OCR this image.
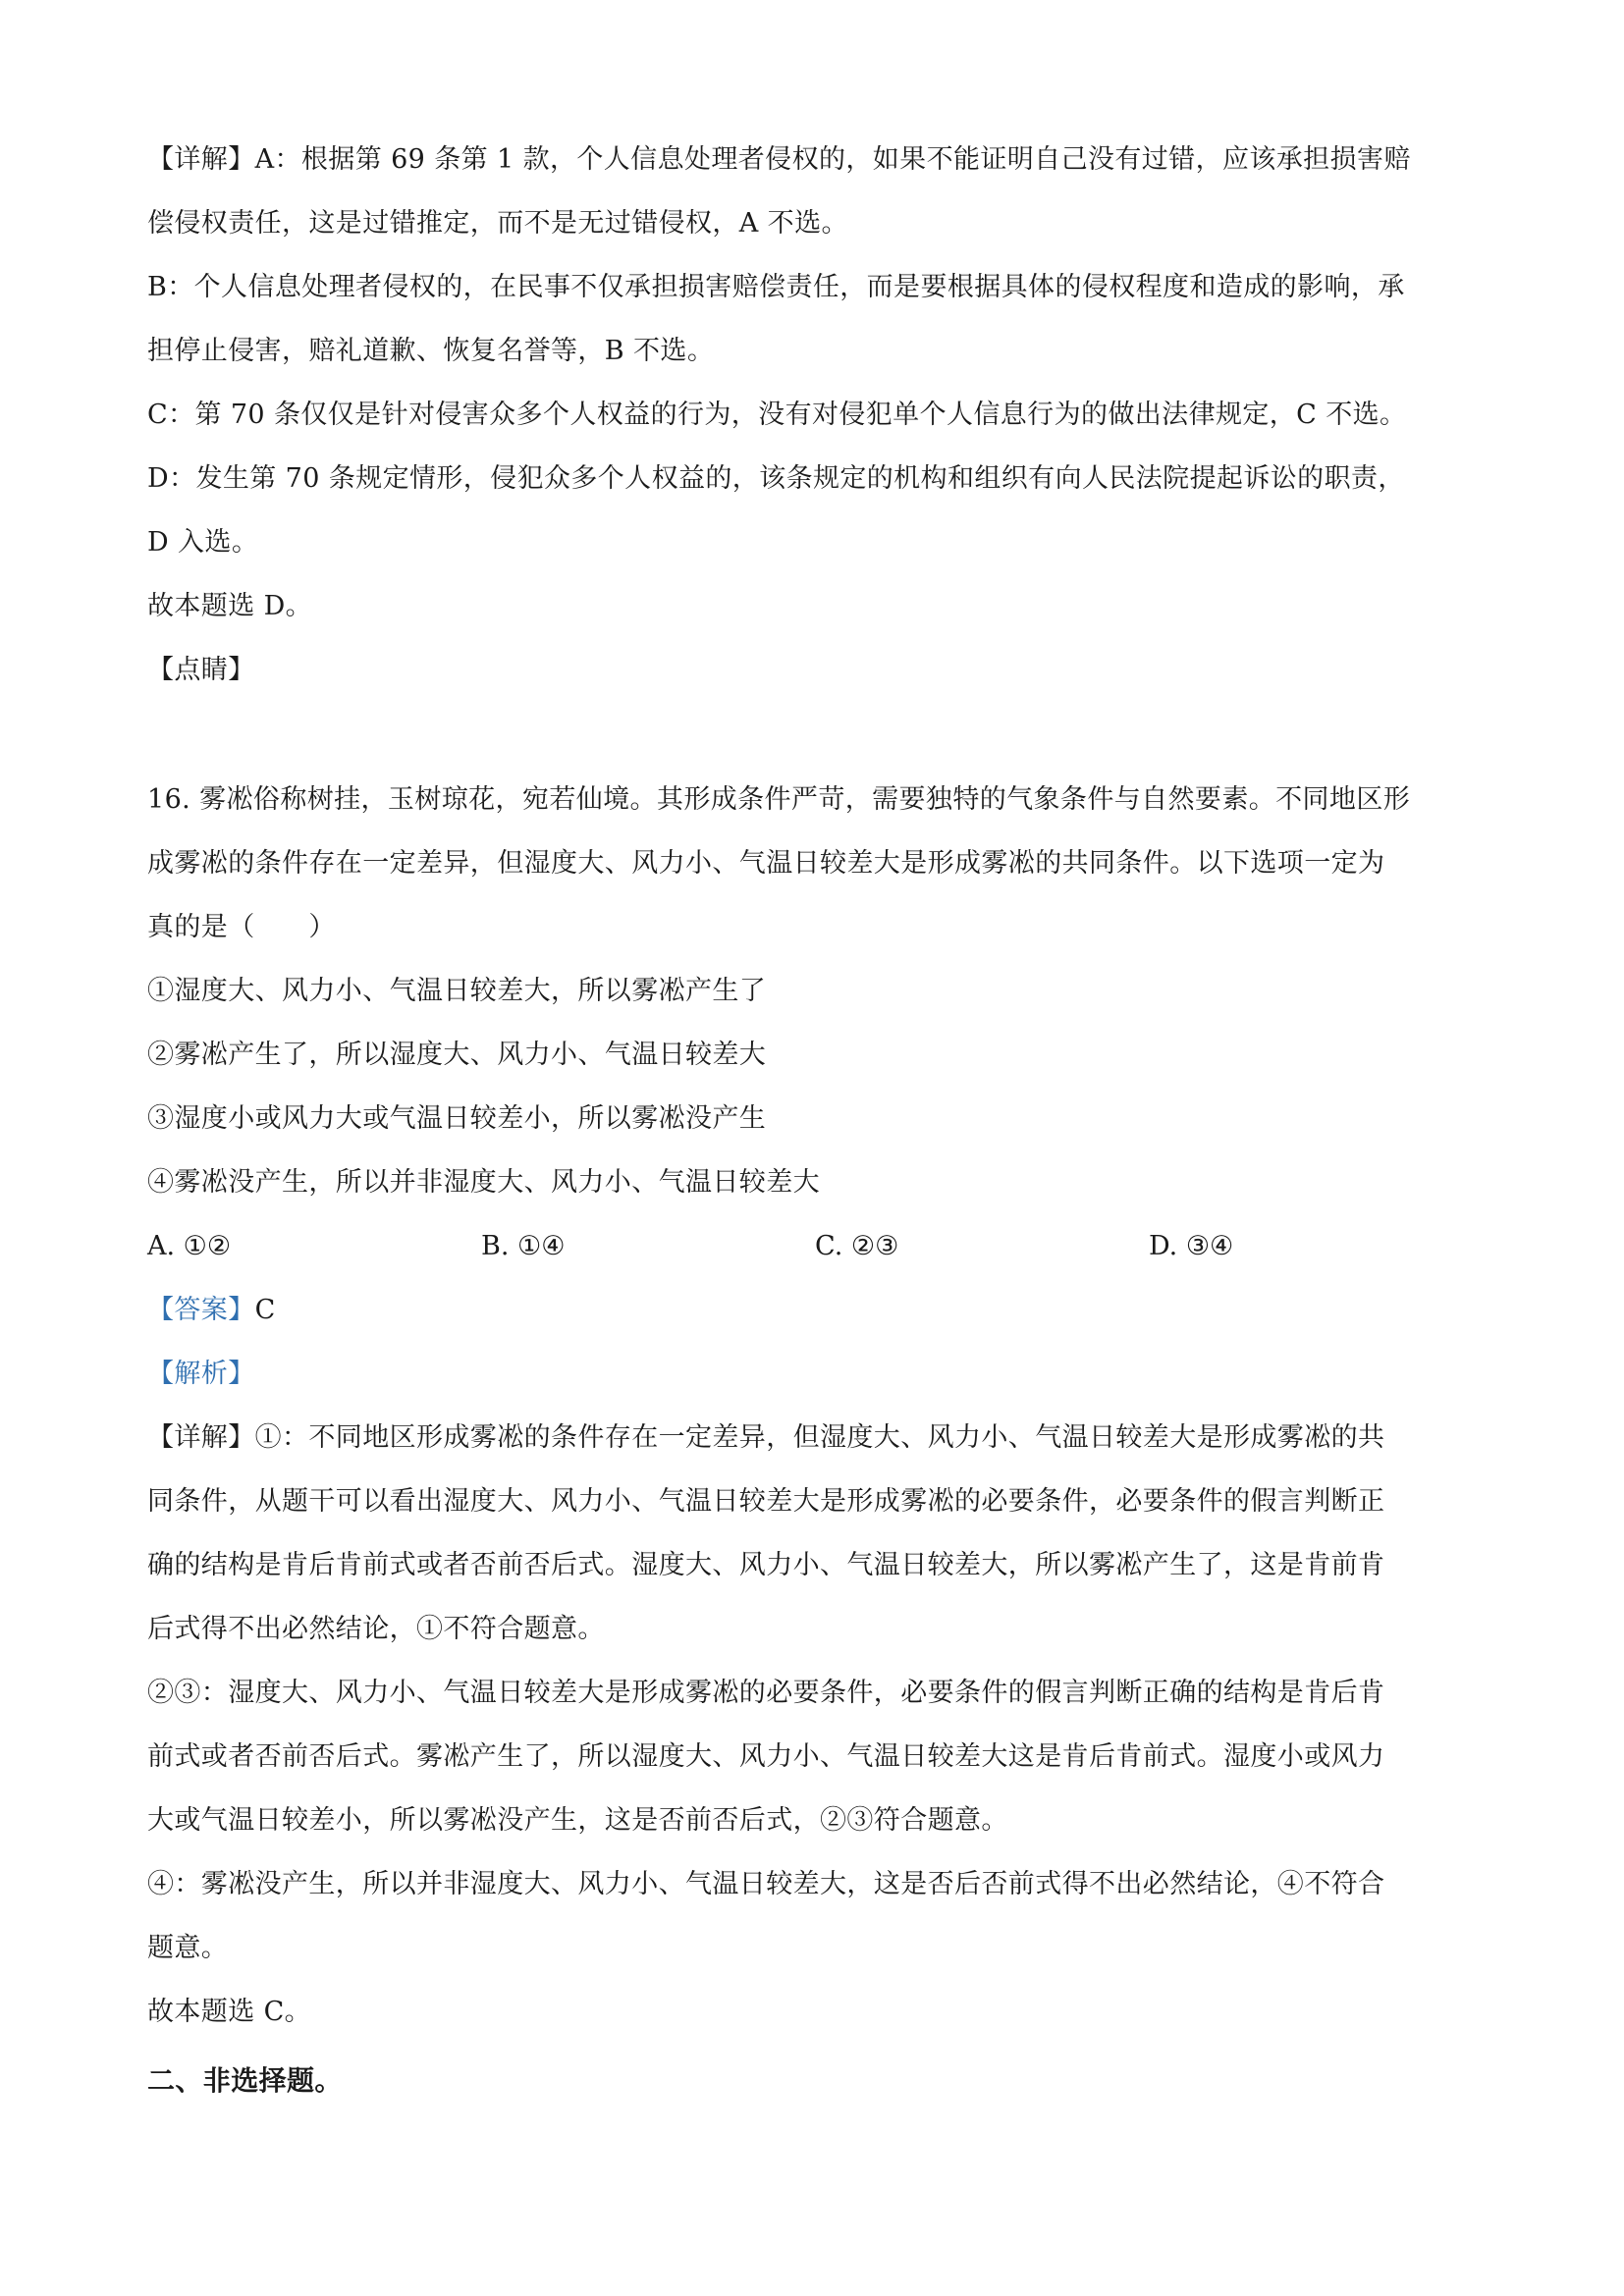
【详解】A：根据第 69 条第 1 款，个人信息处理者侵权的，如果不能证明自己没有过错，应该承担损害赔
偿侵权责任，这是过错推定，而不是无过错侵权，A 不选。
B：个人信息处理者侵权的，在民事不仅承担损害赔偿责任，而是要根据具体的侵权程度和造成的影响，承
担停止侵害，赔礼道歉、恢复名誉等，B 不选。
C：第 70 条仅仅是针对侵害众多个人权益的行为，没有对侵犯单个人信息行为的做出法律规定，C 不选。
D：发生第 70 条规定情形，侵犯众多个人权益的，该条规定的机构和组织有向人民法院提起诉讼的职责，
D 入选。
故本题选 D。
【点睛】
16. 雾凇俗称树挂，玉树琼花，宛若仙境。其形成条件严苛，需要独特的气象条件与自然要素。不同地区形
成雾凇的条件存在一定差异，但湿度大、风力小、气温日较差大是形成雾凇的共同条件。以下选项一定为
真的是（　　）
①湿度大、风力小、气温日较差大，所以雾凇产生了
②雾凇产生了，所以湿度大、风力小、气温日较差大
③湿度小或风力大或气温日较差小，所以雾凇没产生
④雾凇没产生，所以并非湿度大、风力小、气温日较差大
A. ①②	B. ①④	C. ②③	D. ③④
【答案】C
【解析】
【详解】①：不同地区形成雾凇的条件存在一定差异，但湿度大、风力小、气温日较差大是形成雾凇的共
同条件，从题干可以看出湿度大、风力小、气温日较差大是形成雾凇的必要条件，必要条件的假言判断正
确的结构是肯后肯前式或者否前否后式。湿度大、风力小、气温日较差大，所以雾凇产生了，这是肯前肯
后式得不出必然结论，①不符合题意。
②③：湿度大、风力小、气温日较差大是形成雾凇的必要条件，必要条件的假言判断正确的结构是肯后肯
前式或者否前否后式。雾凇产生了，所以湿度大、风力小、气温日较差大这是肯后肯前式。湿度小或风力
大或气温日较差小，所以雾凇没产生，这是否前否后式，②③符合题意。
④：雾凇没产生，所以并非湿度大、风力小、气温日较差大，这是否后否前式得不出必然结论，④不符合
题意。
故本题选 C。
二、非选择题。
